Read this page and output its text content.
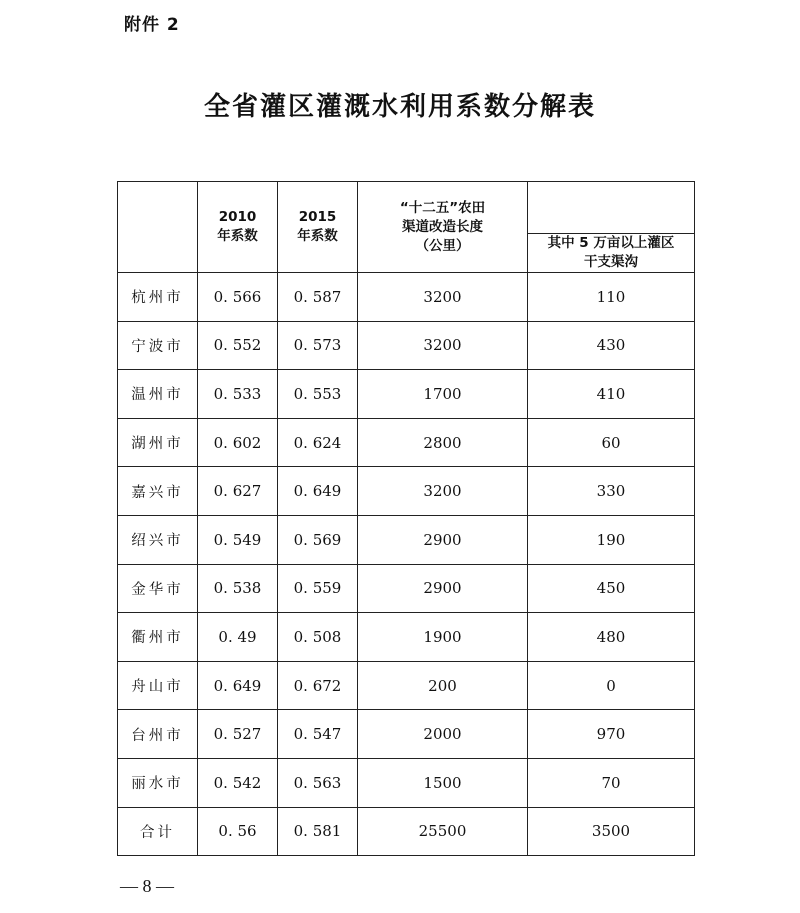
附件 2
全省灌区灌溉水利用系数分解表
	2010 年系数	2015 年系数	“十二五”农田渠道改造长度（公里）	
				其中 5 万亩以上灌区干支渠沟
杭州市	0. 566	0. 587	3200	110
宁波市	0. 552	0. 573	3200	430
温州市	0. 533	0. 553	1700	410
湖州市	0. 602	0. 624	2800	60
嘉兴市	0. 627	0. 649	3200	330
绍兴市	0. 549	0. 569	2900	190
金华市	0. 538	0. 559	2900	450
衢州市	0. 49	0. 508	1900	480
舟山市	0. 649	0. 672	200	0
台州市	0. 527	0. 547	2000	970
丽水市	0. 542	0. 563	1500	70
合计	0. 56	0. 581	25500	3500
— 8 —
